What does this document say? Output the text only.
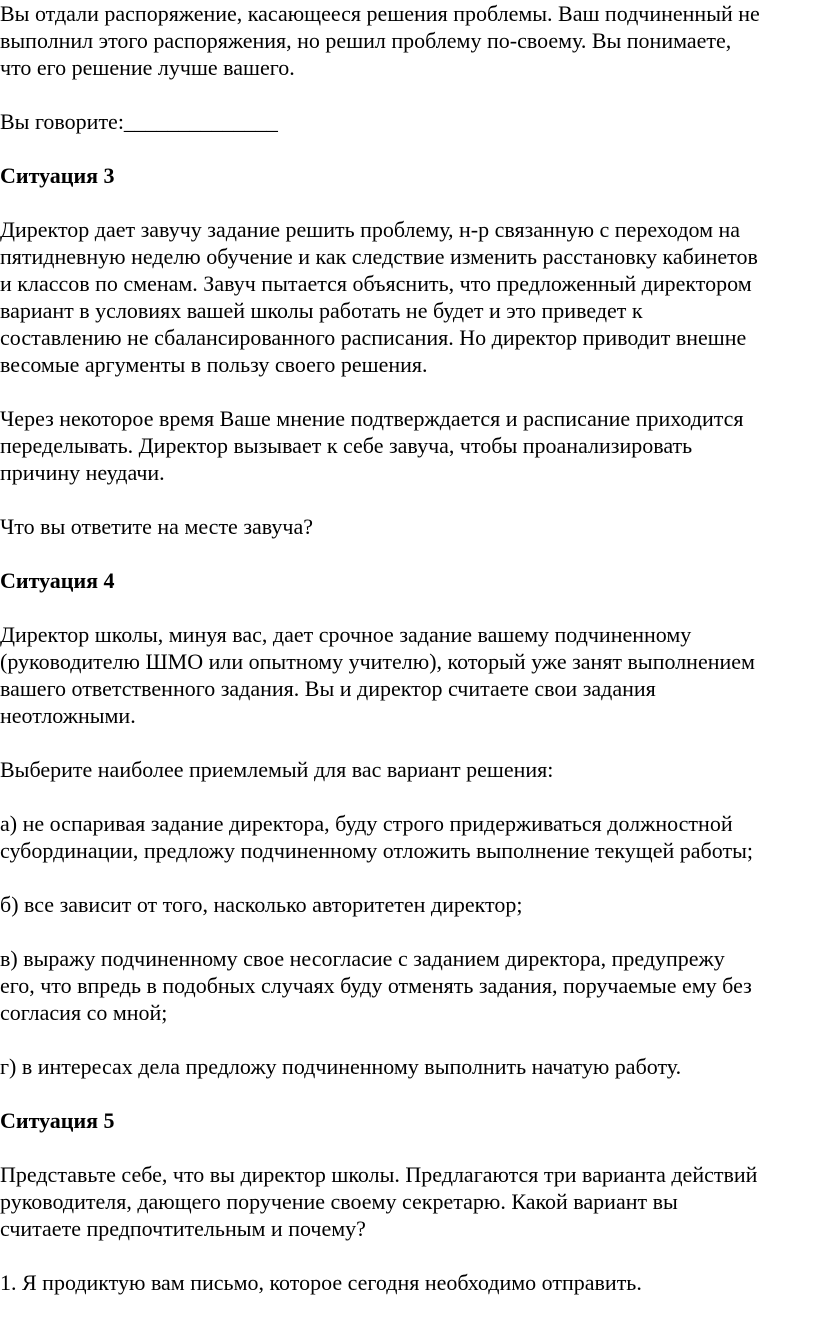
Вы отдали распоряжение, касающееся решения проблемы. Ваш подчиненный не
выполнил этого распоряжения, но решил проблему по-своему. Вы понимаете,
что его решение лучше вашего.
Вы говорите:______________
Ситуация 3
Директор дает завучу задание решить проблему, н-р связанную с переходом на
пятидневную неделю обучение и как следствие изменить расстановку кабинетов
и классов по сменам. Завуч пытается объяснить, что предложенный директором
вариант в условиях вашей школы работать не будет и это приведет к
составлению не сбалансированного расписания. Но директор приводит внешне
весомые аргументы в пользу своего решения.
Через некоторое время Ваше мнение подтверждается и расписание приходится
переделывать. Директор вызывает к себе завуча, чтобы проанализировать
причину неудачи.
Что вы ответите на месте завуча?
Ситуация 4
Директор школы, минуя вас, дает срочное задание вашему подчиненному
(руководителю ШМО или опытному учителю), который уже занят выполнением
вашего ответственного задания. Вы и директор считаете свои задания
неотложными.
Выберите наиболее приемлемый для вас вариант решения:
а) не оспаривая задание директора, буду строго придерживаться должностной
субординации, предложу подчиненному отложить выполнение текущей работы;
б) все зависит от того, насколько авторитетен директор;
в) выражу подчиненному свое несогласие с заданием директора, предупрежу
его, что впредь в подобных случаях буду отменять задания, поручаемые ему без
согласия со мной;
г) в интересах дела предложу подчиненному выполнить начатую работу.
Ситуация 5
Представьте себе, что вы директор школы. Предлагаются три варианта действий
руководителя, дающего поручение своему секретарю. Какой вариант вы
считаете предпочтительным и почему?
1. Я продиктую вам письмо, которое сегодня необходимо отправить.
